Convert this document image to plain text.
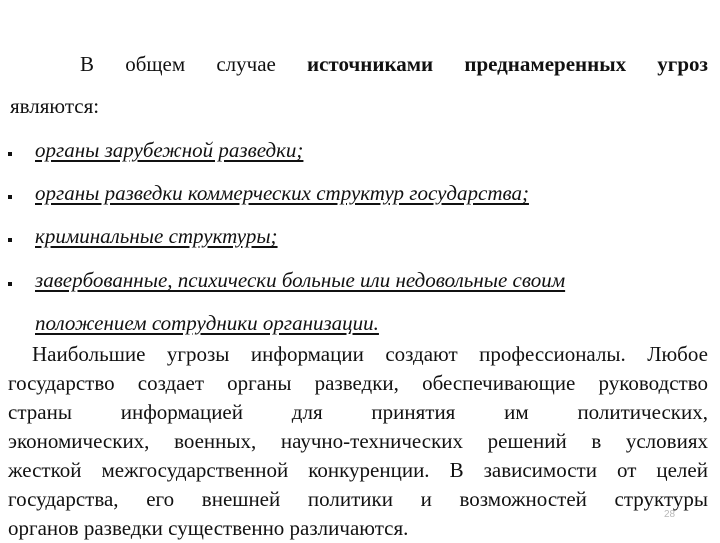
В общем случае источниками преднамеренных угроз
являются:
органы зарубежной разведки;
органы разведки коммерческих структур государства;
криминальные структуры;
завербованные, психически больные или недовольные своим
положением сотрудники организации.
Наибольшие угрозы информации создают профессионалы. Любое
государство создает органы разведки, обеспечивающие руководство
страны информацией для принятия им политических,
экономических, военных, научно-технических решений в условиях
жесткой межгосударственной конкуренции. В зависимости от целей
государства, его внешней политики и возможностей структуры
органов разведки существенно различаются.
28
